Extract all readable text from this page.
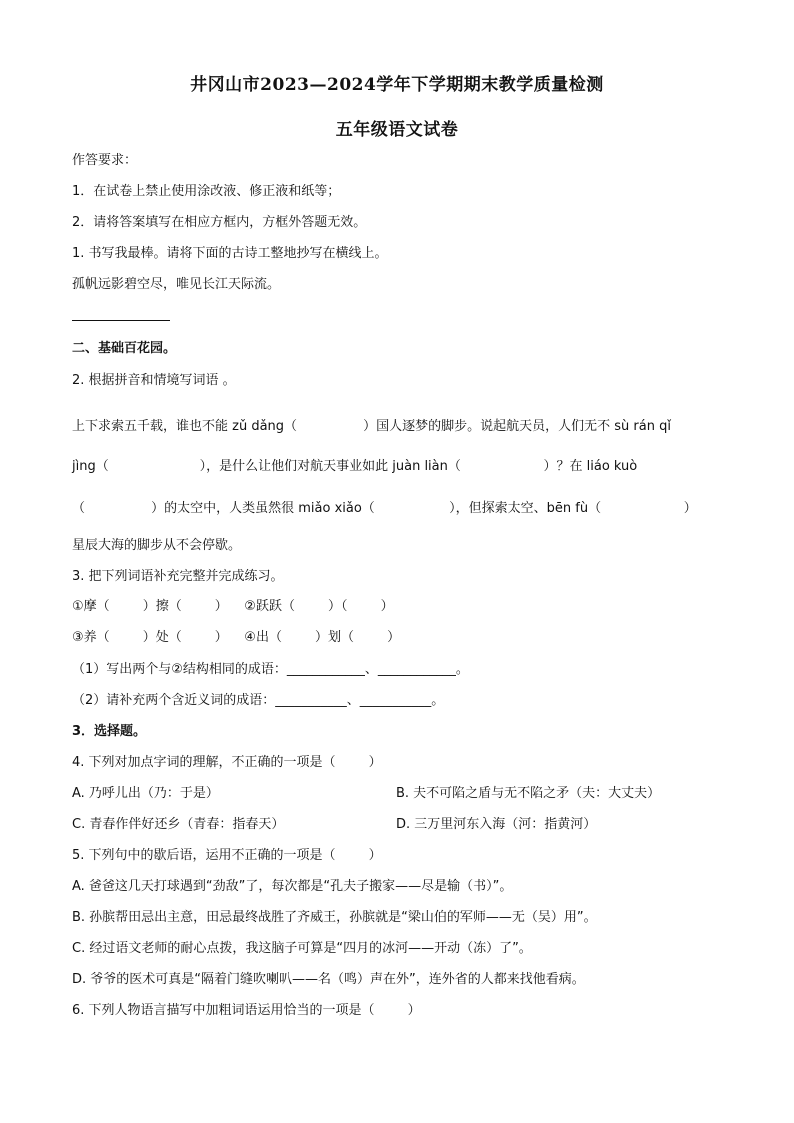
井冈山市2023—2024学年下学期期末教学质量检测
五年级语文试卷
作答要求：
1．在试卷上禁止使用涂改液、修正液和纸等；
2．请将答案填写在相应方框内，方框外答题无效。
1. 书写我最棒。请将下面的古诗工整地抄写在横线上。
孤帆远影碧空尽，唯见长江天际流。
二、基础百花园。
2. 根据拼音和情境写词语 。
上下求索五千载，谁也不能 zǔ dǎng（                ）国人逐梦的脚步。说起航天员，人们无不 sù rán qǐ
jìng（                      ），是什么让他们对航天事业如此 juàn liàn（                    ）？在 liáo kuò
（                ）的太空中，人类虽然很 miǎo xiǎo（                  ），但探索太空、bēn fù（                    ）
星辰大海的脚步从不会停歇。
3. 把下列词语补充完整并完成练习。
①摩（        ）擦（        ）    ②跃跃（        ）（        ）
③养（        ）处（        ）    ④出（        ）划（        ）
（1）写出两个与②结构相同的成语：____________、____________。
（2）请补充两个含近义词的成语：___________、___________。
3．选择题。
4. 下列对加点字词的理解，不正确的一项是（        ）
A. 乃呼儿出（乃：于是）	B. 夫不可陷之盾与无不陷之矛（夫：大丈夫）
C. 青春作伴好还乡（青春：指春天）	D. 三万里河东入海（河：指黄河）
5. 下列句中的歇后语，运用不正确的一项是（        ）
A. 爸爸这几天打球遇到“劲敌”了，每次都是“孔夫子搬家——尽是输（书）”。
B. 孙膑帮田忌出主意，田忌最终战胜了齐威王，孙膑就是“梁山伯的军师——无（吴）用”。
C. 经过语文老师的耐心点拨，我这脑子可算是“四月的冰河——开动（冻）了”。
D. 爷爷的医术可真是“隔着门缝吹喇叭——名（鸣）声在外”，连外省的人都来找他看病。
6. 下列人物语言描写中加粗词语运用恰当的一项是（        ）
